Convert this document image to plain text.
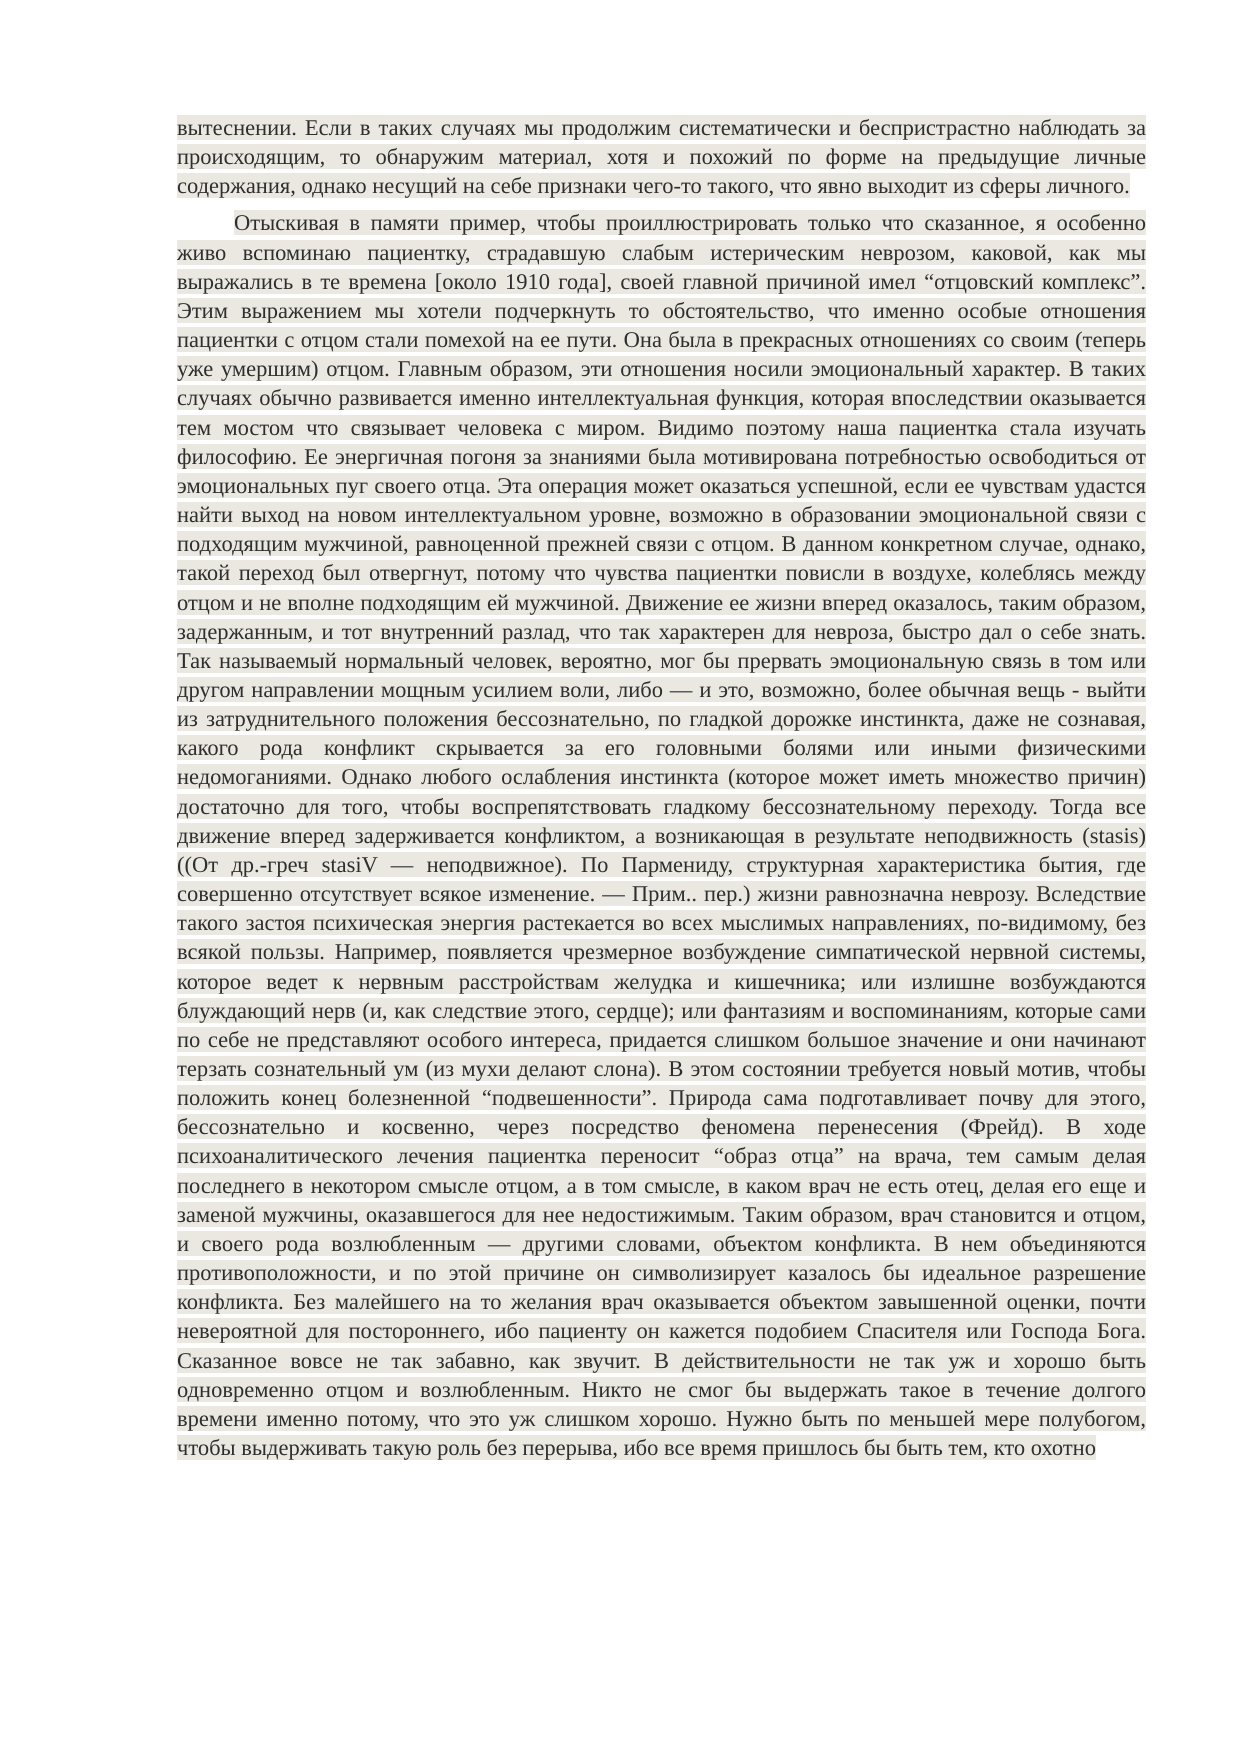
вытеснении. Если в таких случаях мы продолжим систематически и беспристрастно наблюдать за происходящим, то обнаружим материал, хотя и похожий по форме на предыдущие личные содержания, однако несущий на себе признаки чего-то такого, что явно выходит из сферы личного.

Отыскивая в памяти пример, чтобы проиллюстрировать только что сказанное, я особенно живо вспоминаю пациентку, страдавшую слабым истерическим неврозом, каковой, как мы выражались в те времена [около 1910 года], своей главной причиной имел “отцовский комплекс”. Этим выражением мы хотели подчеркнуть то обстоятельство, что именно особые отношения пациентки с отцом стали помехой на ее пути. Она была в прекрасных отношениях со своим (теперь уже умершим) отцом. Главным образом, эти отношения носили эмоциональный характер. В таких случаях обычно развивается именно интеллектуальная функция, которая впоследствии оказывается тем мостом что связывает человека с миром. Видимо поэтому наша пациентка стала изучать философию. Ее энергичная погоня за знаниями была мотивирована потребностью освободиться от эмоциональных пуг своего отца. Эта операция может оказаться успешной, если ее чувствам удастся найти выход на новом интеллектуальном уровне, возможно в образовании эмоциональной связи с подходящим мужчиной, равноценной прежней связи с отцом. В данном конкретном случае, однако, такой переход был отвергнут, потому что чувства пациентки повисли в воздухе, колеблясь между отцом и не вполне подходящим ей мужчиной. Движение ее жизни вперед оказалось, таким образом, задержанным, и тот внутренний разлад, что так характерен для невроза, быстро дал о себе знать. Так называемый нормальный человек, вероятно, мог бы прервать эмоциональную связь в том или другом направлении мощным усилием воли, либо — и это, возможно, более обычная вещь - выйти из затруднительного положения бессознательно, по гладкой дорожке инстинкта, даже не сознавая, какого рода конфликт скрывается за его головными болями или иными физическими недомоганиями. Однако любого ослабления инстинкта (которое может иметь множество причин) достаточно для того, чтобы воспрепятствовать гладкому бессознательному переходу. Тогда все движение вперед задерживается конфликтом, а возникающая в результате неподвижность (stasis) ((От др.-греч stasiV — неподвижное). По Пармениду, структурная характеристика бытия, где совершенно отсутствует всякое изменение. — Прим.. пер.) жизни равнозначна неврозу. Вследствие такого застоя психическая энергия растекается во всех мыслимых направлениях, по-видимому, без всякой пользы. Например, появляется чрезмерное возбуждение симпатической нервной системы, которое ведет к нервным расстройствам желудка и кишечника; или излишне возбуждаются блуждающий нерв (и, как следствие этого, сердце); или фантазиям и воспоминаниям, которые сами по себе не представляют особого интереса, придается слишком большое значение и они начинают терзать сознательный ум (из мухи делают слона). В этом состоянии требуется новый мотив, чтобы положить конец болезненной “подвешенности”. Природа сама подготавливает почву для этого, бессознательно и косвенно, через посредство феномена перенесения (Фрейд). В ходе психоаналитического лечения пациентка переносит “образ отца” на врача, тем самым делая последнего в некотором смысле отцом, а в том смысле, в каком врач не есть отец, делая его еще и заменой мужчины, оказавшегося для нее недостижимым. Таким образом, врач становится и отцом, и своего рода возлюбленным — другими словами, объектом конфликта. В нем объединяются противоположности, и по этой причине он символизирует казалось бы идеальное разрешение конфликта. Без малейшего на то желания врач оказывается объектом завышенной оценки, почти невероятной для постороннего, ибо пациенту он кажется подобием Спасителя или Господа Бога. Сказанное вовсе не так забавно, как звучит. В действительности не так уж и хорошо быть одновременно отцом и возлюбленным. Никто не смог бы выдержать такое в течение долгого времени именно потому, что это уж слишком хорошо. Нужно быть по меньшей мере полубогом, чтобы выдерживать такую роль без перерыва, ибо все время пришлось бы быть тем, кто охотно
